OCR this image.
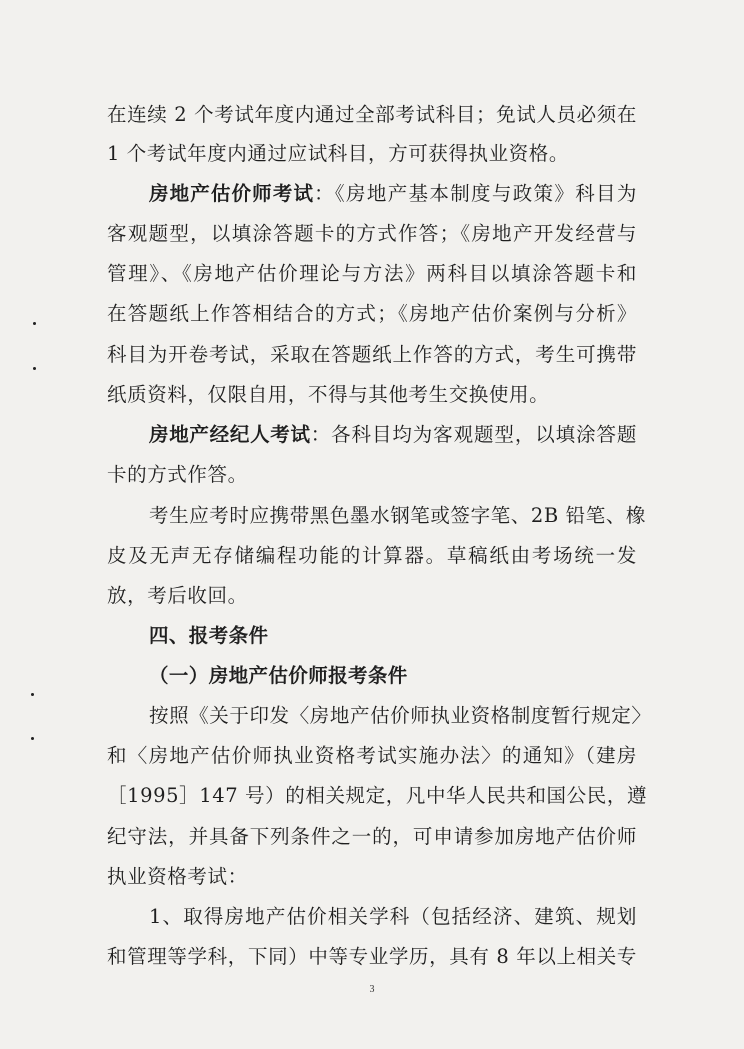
在连续 2 个考试年度内通过全部考试科目；免试人员必须在
1 个考试年度内通过应试科目，方可获得执业资格。
房地产估价师考试：《房地产基本制度与政策》科目为
客观题型，以填涂答题卡的方式作答；《房地产开发经营与
管理》、《房地产估价理论与方法》两科目以填涂答题卡和
在答题纸上作答相结合的方式；《房地产估价案例与分析》
科目为开卷考试，采取在答题纸上作答的方式，考生可携带
纸质资料，仅限自用，不得与其他考生交换使用。
房地产经纪人考试：各科目均为客观题型，以填涂答题
卡的方式作答。
考生应考时应携带黑色墨水钢笔或签字笔、2B 铅笔、橡
皮及无声无存储编程功能的计算器。草稿纸由考场统一发
放，考后收回。
四、报考条件
（一）房地产估价师报考条件
按照《关于印发〈房地产估价师执业资格制度暂行规定〉
和〈房地产估价师执业资格考试实施办法〉的通知》（建房
［1995］147 号）的相关规定，凡中华人民共和国公民，遵
纪守法，并具备下列条件之一的，可申请参加房地产估价师
执业资格考试：
1、取得房地产估价相关学科（包括经济、建筑、规划
和管理等学科，下同）中等专业学历，具有 8 年以上相关专
3
